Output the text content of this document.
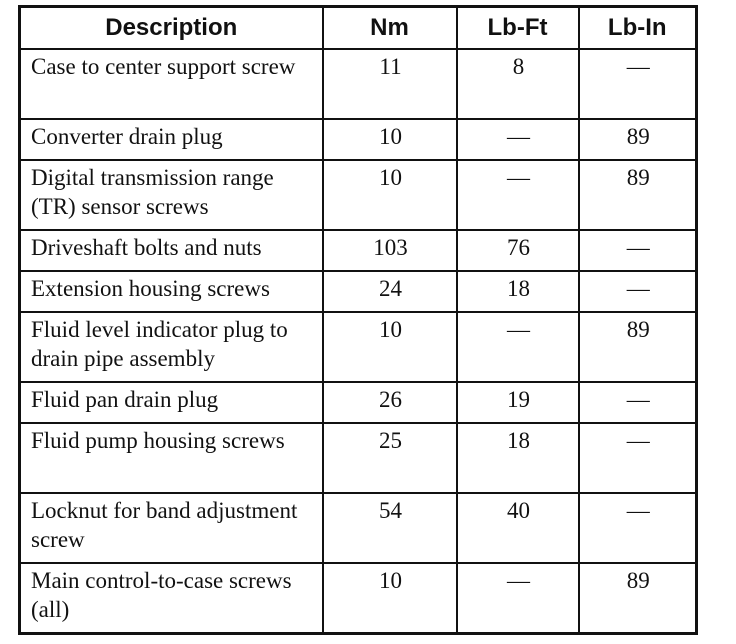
Description	Nm	Lb-Ft	Lb-In
Case to center support screw	11	8	—
Converter drain plug	10	—	89
Digital transmission range (TR) sensor screws	10	—	89
Driveshaft bolts and nuts	103	76	—
Extension housing screws	24	18	—
Fluid level indicator plug to drain pipe assembly	10	—	89
Fluid pan drain plug	26	19	—
Fluid pump housing screws	25	18	—
Locknut for band adjustment screw	54	40	—
Main control-to-case screws (all)	10	—	89
